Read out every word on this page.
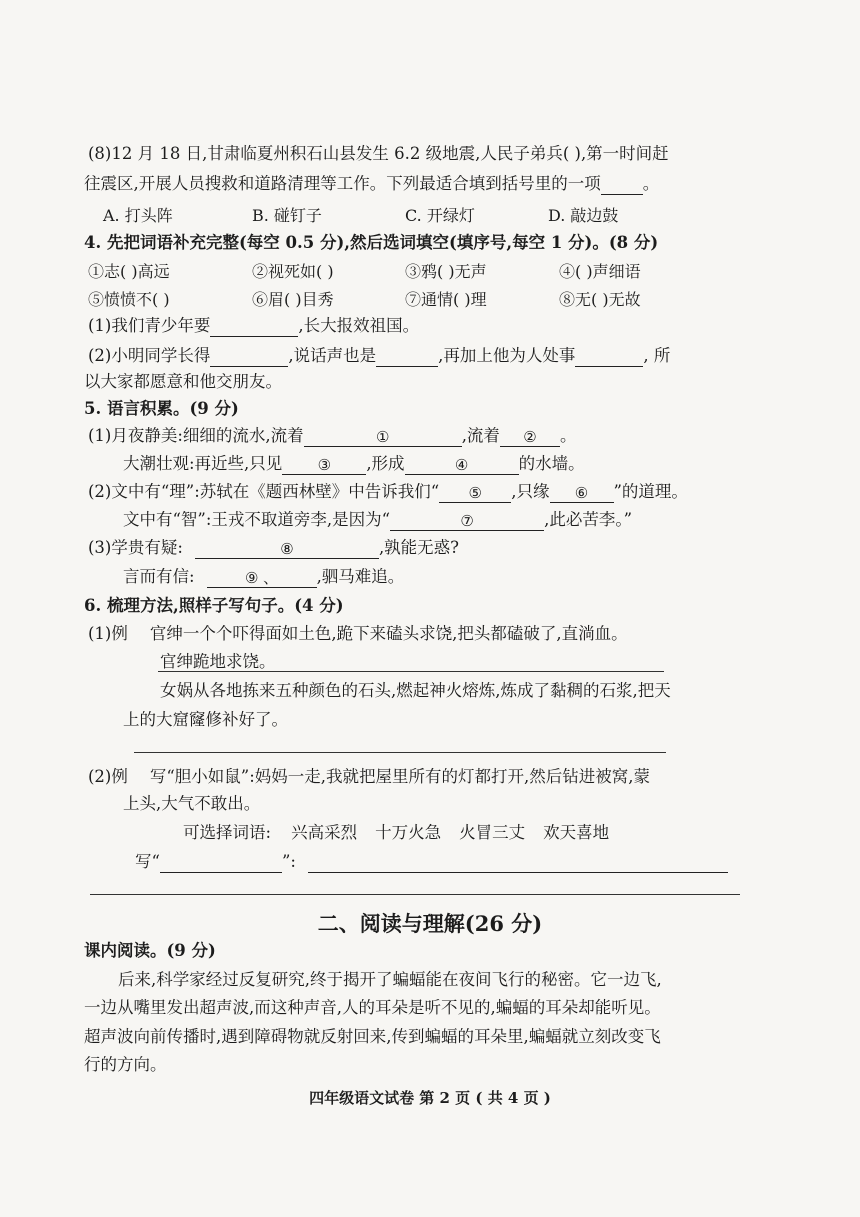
(8)12 月 18 日,甘肃临夏州积石山县发生 6.2 级地震,人民子弟兵( ),第一时间赶
往震区,开展人员搜救和道路清理等工作。下列最适合填到括号里的一项	。
A. 打头阵	B. 碰钉子	C. 开绿灯	D. 敲边鼓
4. 先把词语补充完整(每空 0.5 分),然后选词填空(填序号,每空 1 分)。(8 分)
①志( )高远	②视死如( )	③鸦( )无声	④( )声细语
⑤愤愤不( )	⑥眉( )目秀	⑦通情( )理	⑧无( )无故
(1)我们青少年要	,长大报效祖国。
(2)小明同学长得	,说话声也是	,再加上他为人处事	, 所
以大家都愿意和他交朋友。
5. 语言积累。(9 分)
(1)月夜静美:细细的流水,流着	①	,流着 ② 。
大潮壮观:再近些,只见 ③ ,形成	④	的水墙。
(2)文中有“理”:苏轼在《题西林壁》中告诉我们“ ⑤ ,只缘 ⑥ ”的道理。
文中有“智”:王戎不取道旁李,是因为“	⑦	,此必苦李。”
(3)学贵有疑:	⑧	,孰能无惑?
言而有信:	⑨ 、 ,驷马难追。
6. 梳理方法,照样子写句子。(4 分)
(1)例 官绅一个个吓得面如土色,跪下来磕头求饶,把头都磕破了,直淌血。
官绅跪地求饶。
女娲从各地拣来五种颜色的石头,燃起神火熔炼,炼成了黏稠的石浆,把天
上的大窟窿修补好了。
(2)例 写“胆小如鼠”:妈妈一走,我就把屋里所有的灯都打开,然后钻进被窝,蒙
上头,大气不敢出。
可选择词语: 兴高采烈 十万火急 火冒三丈 欢天喜地
写“	”:
二、阅读与理解(26 分)
课内阅读。(9 分)
后来,科学家经过反复研究,终于揭开了蝙蝠能在夜间飞行的秘密。它一边飞,
一边从嘴里发出超声波,而这种声音,人的耳朵是听不见的,蝙蝠的耳朵却能听见。
超声波向前传播时,遇到障碍物就反射回来,传到蝙蝠的耳朵里,蝙蝠就立刻改变飞
行的方向。
四年级语文试卷 第 2 页 ( 共 4 页 )
